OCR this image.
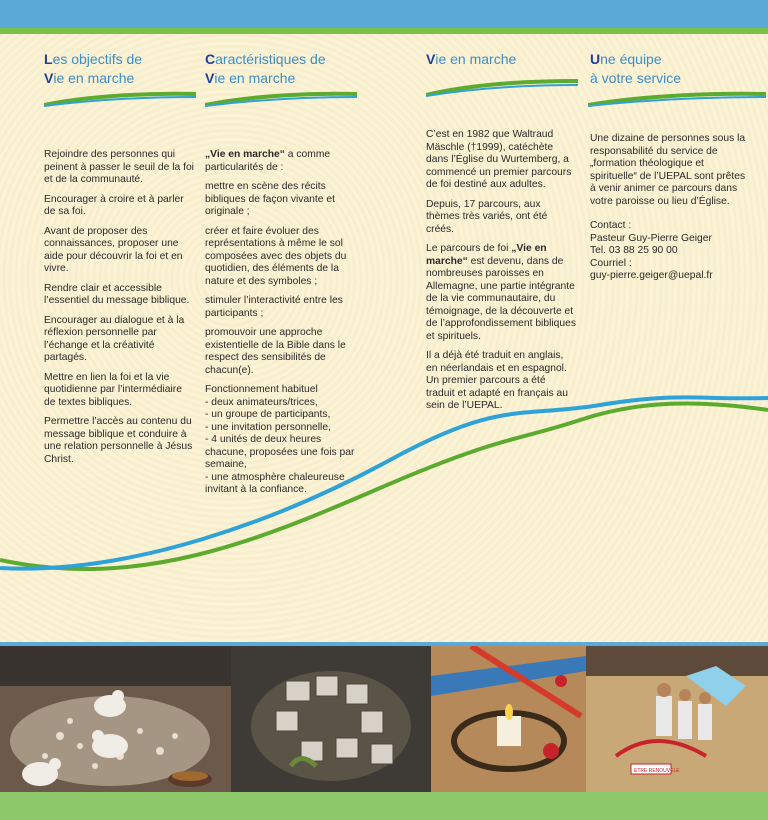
Les objectifs de
Vie en marche

Rejoindre des personnes qui peinent à passer le seuil de la foi et de la communauté.

Encourager à croire et à parler de sa foi.

Avant de proposer des connaissances, proposer une aide pour découvrir la foi et en vivre.

Rendre clair et accessible l’essentiel du message biblique.

Encourager au dialogue et à la réflexion personnelle par l’échange et la créativité partagés.

Mettre en lien la foi et la vie quotidienne par l’intermédiaire de textes bibliques.

Permettre l’accès au contenu du message biblique et conduire à une relation personnelle à Jésus Christ.

Caractéristiques de
Vie en marche

„Vie en marche“ a comme particularités de :

mettre en scène des récits bibliques de façon vivante et originale ;

créer et faire évoluer des représentations à même le sol composées avec des objets du quotidien, des éléments de la nature et des symboles ;

stimuler l’interactivité entre les participants ;

promouvoir une approche existentielle de la Bible dans le respect des sensibilités de chacun(e).

Fonctionnement habituel
- deux animateurs/trices,
- un groupe de participants,
- une invitation personnelle,
- 4 unités de deux heures chacune, proposées une fois par semaine,
- une atmosphère chaleureuse invitant à la confiance.

Vie en marche

C’est en 1982 que Waltraud Mäschle (†1999), catéchète dans l’Église du Wurtemberg, a commencé un premier parcours de foi destiné aux adultes.

Depuis, 17 parcours, aux thèmes très variés, ont été créés.

Le parcours de foi „Vie en marche“ est devenu, dans de nombreuses paroisses en Allemagne, une partie intégrante de la vie communautaire, du témoignage, de la découverte et de l’approfondissement bibliques et spirituels.

Il a déjà été traduit en anglais, en néerlandais et en espagnol. Un premier parcours a été traduit et adapté en français au sein de l’UEPAL.

Une équipe
à votre service

Une dizaine de personnes sous la responsabilité du service de „formation théologique et spirituelle“ de l’UEPAL sont prêtes à venir animer ce parcours dans votre paroisse ou lieu d’Église.

Contact :

Pasteur Guy-Pierre Geiger

Tel. 03 88 25 90 00

Courriel :

guy-pierre.geiger@uepal.fr

ETRE RENOUVELE
